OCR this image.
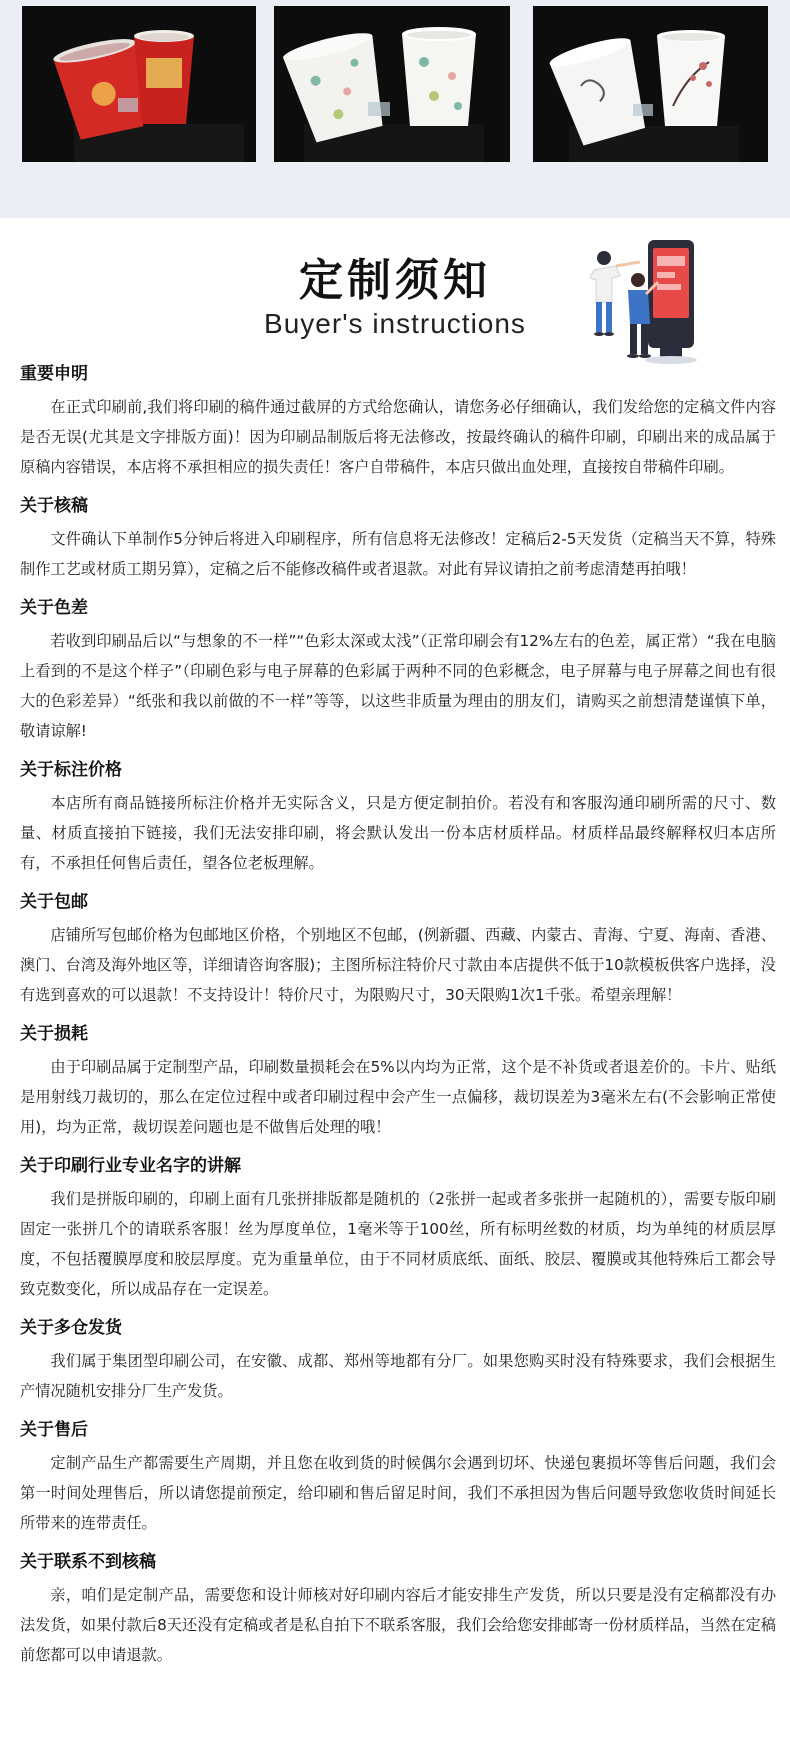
定制须知
Buyer's instructions
重要申明

在正式印刷前,我们将印刷的稿件通过截屏的方式给您确认，请您务必仔细确认，我们发给您的定稿文件内容是否无误(尤其是文字排版方面)！因为印刷品制版后将无法修改，按最终确认的稿件印刷，印刷出来的成品属于原稿内容错误，本店将不承担相应的损失责任！客户自带稿件，本店只做出血处理，直接按自带稿件印刷。

关于核稿

文件确认下单制作5分钟后将进入印刷程序，所有信息将无法修改！定稿后2-5天发货（定稿当天不算，特殊制作工艺或材质工期另算），定稿之后不能修改稿件或者退款。对此有异议请拍之前考虑清楚再拍哦！

关于色差

若收到印刷品后以“与想象的不一样”“色彩太深或太浅”（正常印刷会有12%左右的色差，属正常）“我在电脑上看到的不是这个样子”（印刷色彩与电子屏幕的色彩属于两种不同的色彩概念，电子屏幕与电子屏幕之间也有很大的色彩差异）“纸张和我以前做的不一样”等等，以这些非质量为理由的朋友们，请购买之前想清楚谨慎下单，敬请谅解!

关于标注价格

本店所有商品链接所标注价格并无实际含义，只是方便定制拍价。若没有和客服沟通印刷所需的尺寸、数量、材质直接拍下链接，我们无法安排印刷，将会默认发出一份本店材质样品。材质样品最终解释权归本店所有，不承担任何售后责任，望各位老板理解。

关于包邮

店铺所写包邮价格为包邮地区价格，个别地区不包邮，(例新疆、西藏、内蒙古、青海、宁夏、海南、香港、澳门、台湾及海外地区等，详细请咨询客服)；主图所标注特价尺寸款由本店提供不低于10款模板供客户选择，没有选到喜欢的可以退款！不支持设计！特价尺寸，为限购尺寸，30天限购1次1千张。希望亲理解！

关于损耗

由于印刷品属于定制型产品，印刷数量损耗会在5%以内均为正常，这个是不补货或者退差价的。卡片、贴纸是用射线刀裁切的，那么在定位过程中或者印刷过程中会产生一点偏移，裁切误差为3毫米左右(不会影响正常使用)，均为正常，裁切误差问题也是不做售后处理的哦！

关于印刷行业专业名字的讲解

我们是拼版印刷的，印刷上面有几张拼排版都是随机的（2张拼一起或者多张拼一起随机的），需要专版印刷固定一张拼几个的请联系客服！丝为厚度单位，1毫米等于100丝，所有标明丝数的材质，均为单纯的材质层厚度，不包括覆膜厚度和胶层厚度。克为重量单位，由于不同材质底纸、面纸、胶层、覆膜或其他特殊后工都会导致克数变化，所以成品存在一定误差。

关于多仓发货

我们属于集团型印刷公司，在安徽、成都、郑州等地都有分厂。如果您购买时没有特殊要求，我们会根据生产情况随机安排分厂生产发货。

关于售后

定制产品生产都需要生产周期，并且您在收到货的时候偶尔会遇到切坏、快递包裹损坏等售后问题，我们会第一时间处理售后，所以请您提前预定，给印刷和售后留足时间，我们不承担因为售后问题导致您收货时间延长所带来的连带责任。

关于联系不到核稿

亲，咱们是定制产品，需要您和设计师核对好印刷内容后才能安排生产发货，所以只要是没有定稿都没有办法发货，如果付款后8天还没有定稿或者是私自拍下不联系客服，我们会给您安排邮寄一份材质样品，当然在定稿前您都可以申请退款。
